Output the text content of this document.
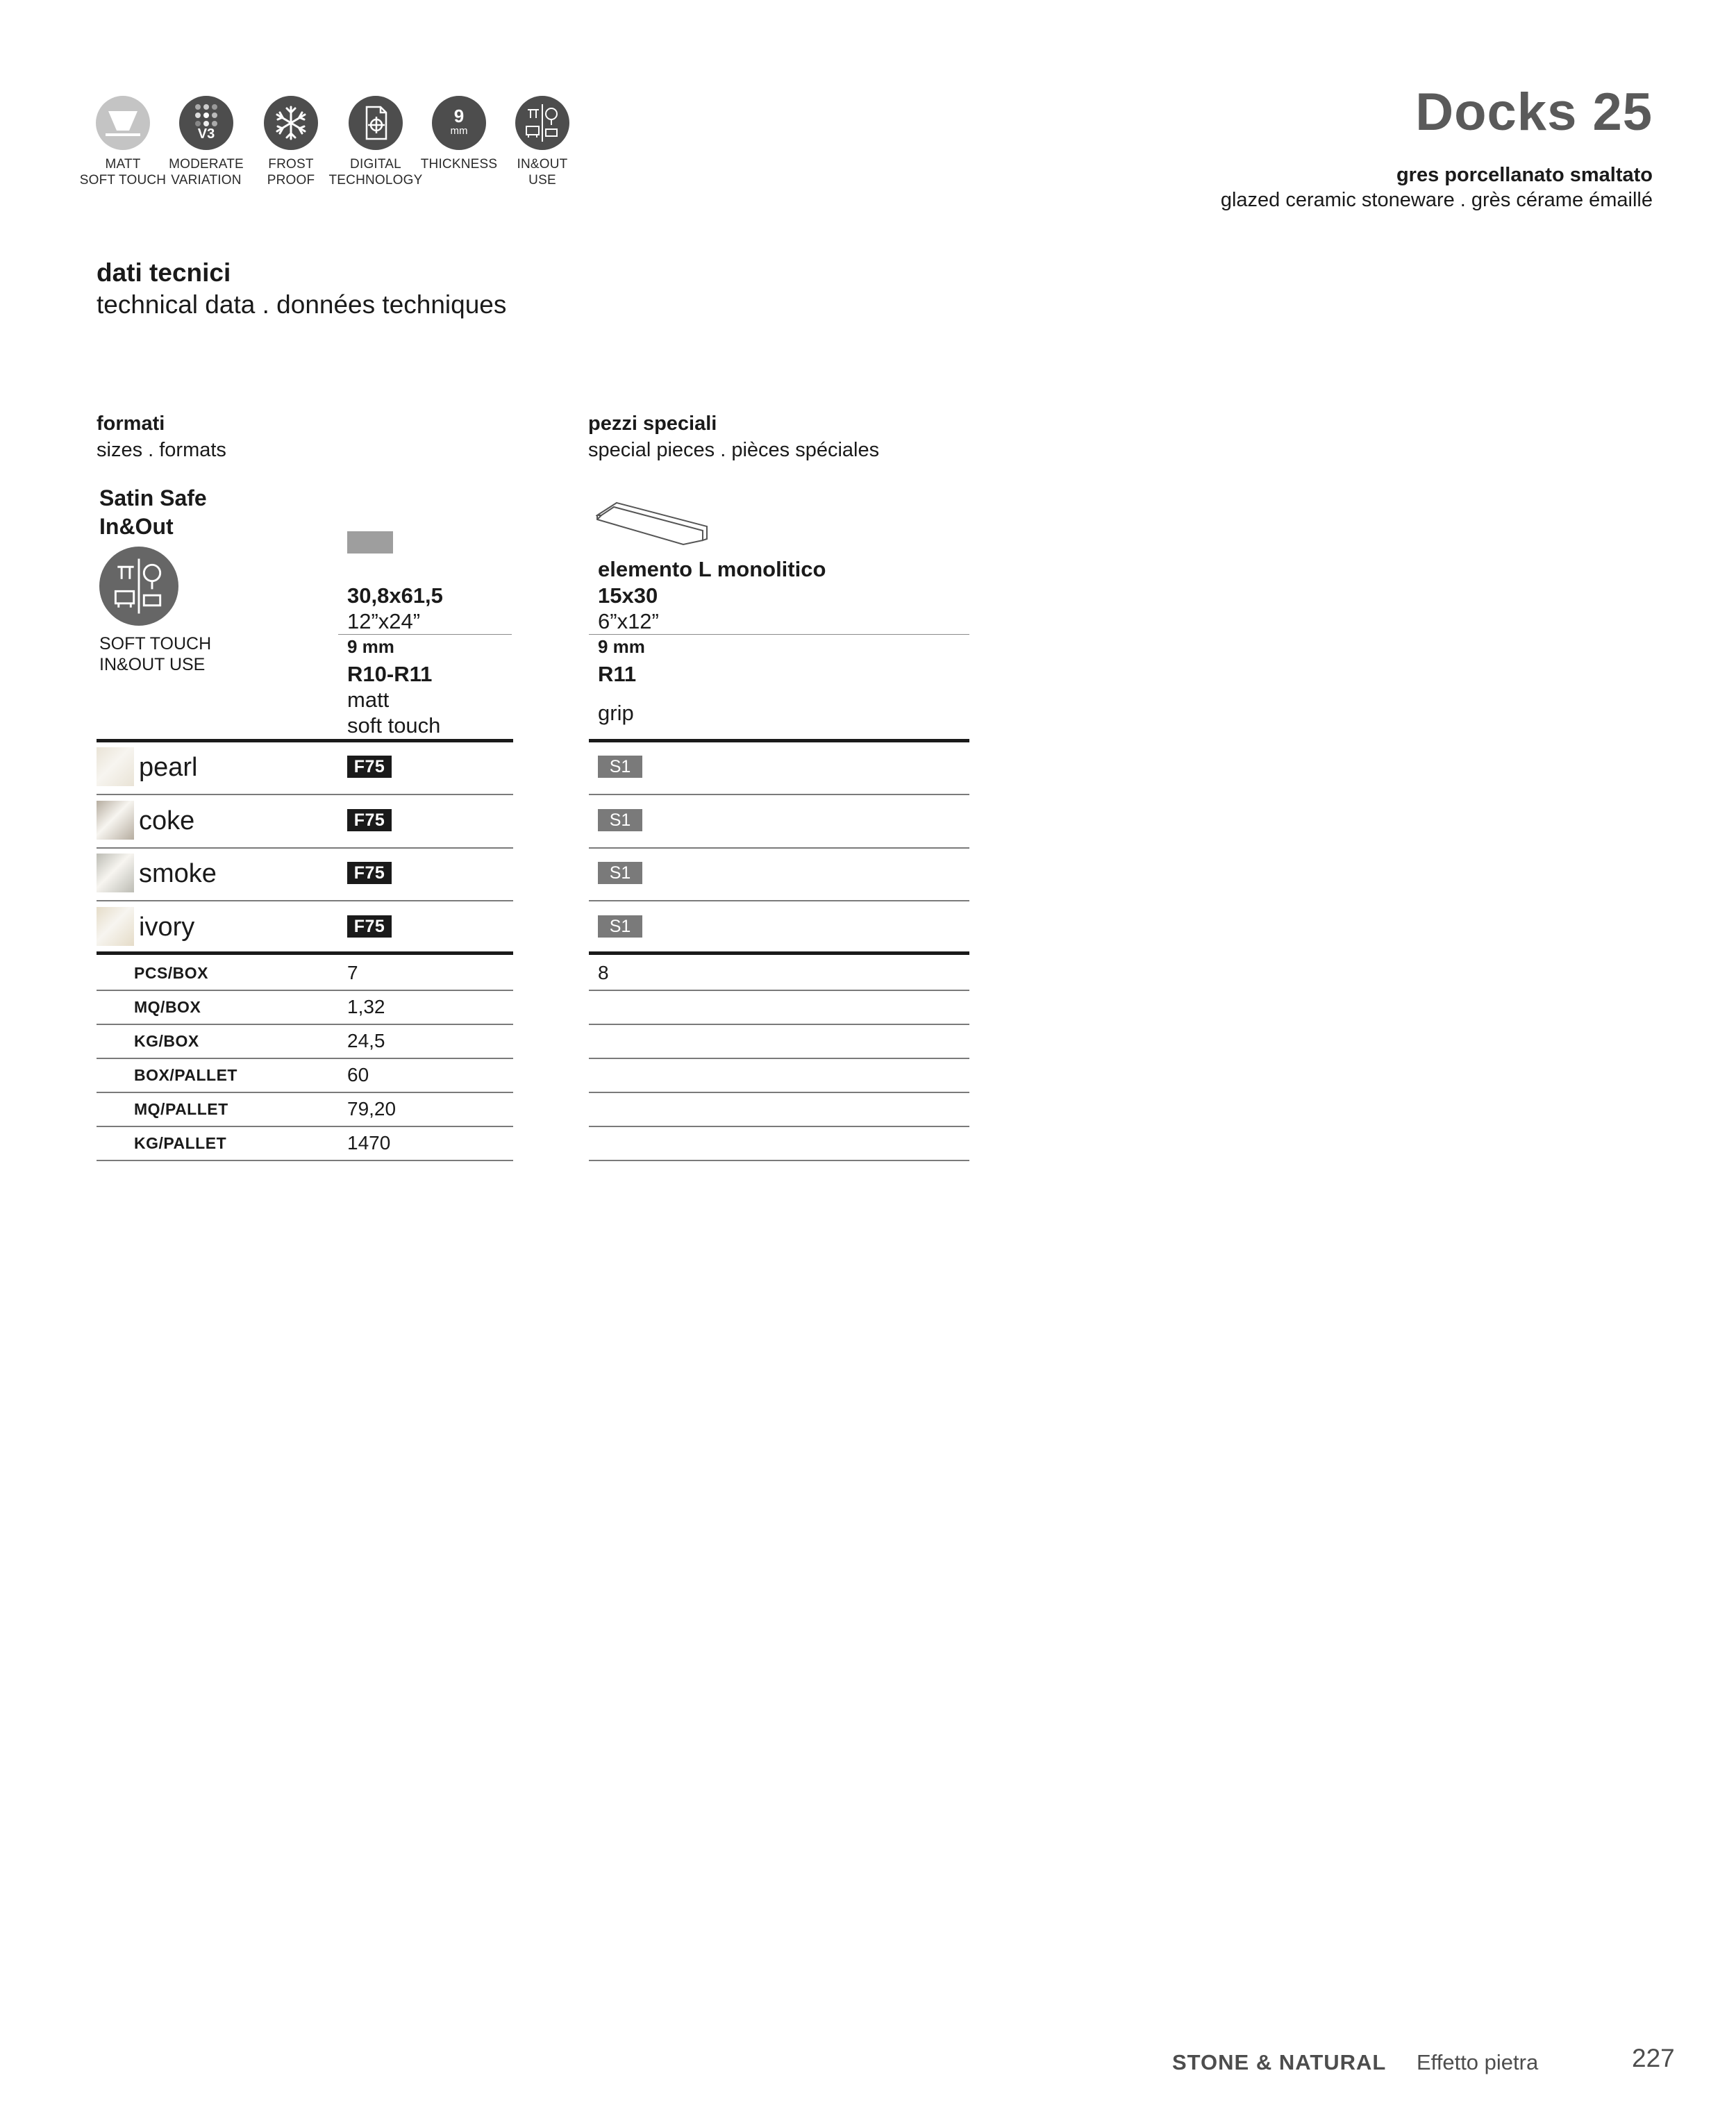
MATT
SOFT TOUCH
V3
MODERATE
VARIATION
FROST
PROOF
DIGITAL
TECHNOLOGY
9
mm
THICKNESS	IN&OUT
USE
Docks 25
gres porcellanato smaltato
glazed ceramic stoneware . grès cérame émaillé
dati tecnici
technical data . données techniques
formati
sizes . formats
Satin Safe
In&Out
SOFT TOUCH
IN&OUT USE
30,8x61,5
12”x24”
9 mm
R10-R11
matt
soft touch
pezzi speciali
special pieces . pièces spéciales
elemento L monolitico
15x30
6”x12”
9 mm
R11
grip
pearl	F75	S1
coke	F75	S1
smoke	F75	S1
ivory	F75	S1
PCS/BOX	7	8
MQ/BOX	1,32
KG/BOX	24,5
BOX/PALLET	60
MQ/PALLET	79,20
KG/PALLET	1470
STONE & NATURAL Effetto pietra	227
